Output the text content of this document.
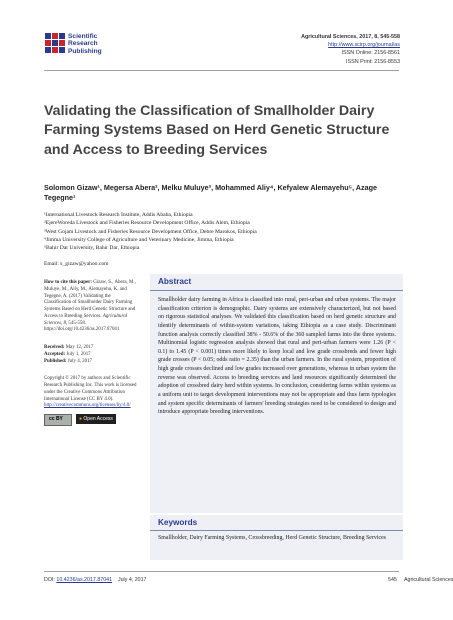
Scientific
Research
Publishing
Agricultural Sciences, 2017, 8, 545-558
http://www.scirp.org/journal/as
ISSN Online: 2156-8561
ISSN Print: 2156-8553
Validating the Classification of Smallholder Dairy Farming Systems Based on Herd Genetic Structure and Access to Breeding Services
Solomon Gizaw¹, Megersa Abera², Melku Muluye³, Mohammed Aliy⁴, Kefyalew Alemayehu⁵, Azage Tegegne¹
¹International Livestock Research Institute, Addis Ababa, Ethiopia
²EjereWoreda Livestock and Fisheries Resource Development Office, Addis Alem, Ethiopia
³West Gojam Livestock and Fisheries Resource Development Office, Debre Marokos, Ethiopia
⁴Jimma University College of Agriculture and Veterinary Medicine, Jimma, Ethiopia
⁵Bahir Dar University, Bahir Dar, Ethiopia
Email: s_gizaw@yahoo.com
How to cite this paper: Gizaw, S., Abera, M., Muluye, M., Aliy, M., Alemayehu, K. and Tegegne, A. (2017) Validating the Classification of Smallholder Dairy Farming Systems Based on Herd Genetic Structure and Access to Breeding Services. Agricultural Sciences, 8, 545-558. https://doi.org/10.4236/as.2017.87041
Received: May 12, 2017
Accepted: July 1, 2017
Published: July 4, 2017
Copyright © 2017 by authors and Scientific Research Publishing Inc. This work is licensed under the Creative Commons Attribution International License (CC BY 4.0).
http://creativecommons.org/licenses/by/4.0/
cc BY	● Open Access
Abstract
Smallholder dairy farming in Africa is classified into rural, peri-urban and urban systems. The major classification criterion is demographic. Dairy systems are extensively characterized, but not based on rigorous statistical analyses. We validated this classification based on herd genetic structure and identify determinants of within-system variations, taking Ethiopia as a case study. Discriminant function analysis correctly classified 38% - 50.6% of the 360 sampled farms into the three systems. Multinomial logistic regression analysis showed that rural and peri-urban farmers were 1.26 (P < 0.1) to 1.45 (P < 0.001) times more likely to keep local and low grade crossbreds and fewer high grade crosses (P < 0.05; odds ratio = 2.35) than the urban farmers. In the rural system, proportion of high grade crosses declined and low grades increased over generations, whereas in urban system the reverse was observed. Access to breeding services and land resources significantly determined the adoption of crossbred dairy herd within systems. In conclusion, considering farms within systems as a uniform unit to target development interventions may not be appropriate and thus farm typologies and system specific determinants of farmers' breeding strategies need to be considered to design and introduce appropriate breeding interventions.
Keywords
Smallholder, Dairy Farming Systems, Crossbreeding, Herd Genetic Structure, Breeding Services
DOI: 10.4236/as.2017.87041 July 4, 2017	545 Agricultural Sciences
